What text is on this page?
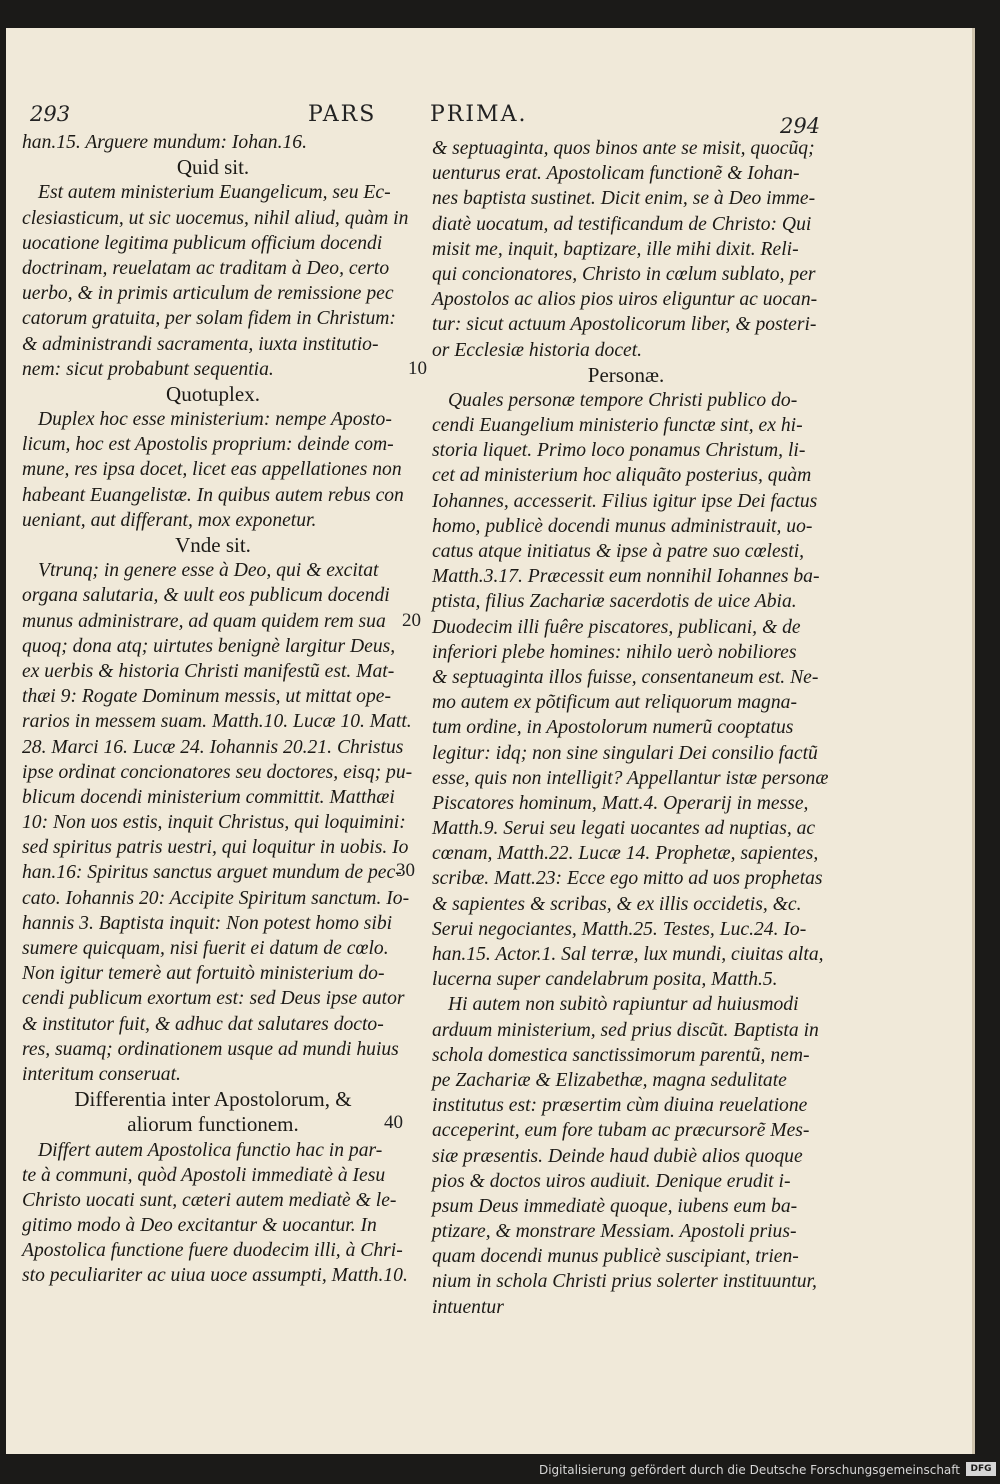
293	PARS PRIMA.	294
10
20
30
40
han.15. Arguere mundum: Iohan.16.
Quid sit.
Est autem ministerium Euangelicum, seu Ec-
clesiasticum, ut sic uocemus, nihil aliud, quàm in
uocatione legitima publicum officium docendi
doctrinam, reuelatam ac traditam à Deo, certo
uerbo, & in primis articulum de remissione pec
catorum gratuita, per solam fidem in Christum:
& administrandi sacramenta, iuxta institutio-
nem: sicut probabunt sequentia.
Quotuplex.
Duplex hoc esse ministerium: nempe Aposto-
licum, hoc est Apostolis proprium: deinde com-
mune, res ipsa docet, licet eas appellationes non
habeant Euangelistæ. In quibus autem rebus con
ueniant, aut differant, mox exponetur.
Vnde sit.
Vtrunq; in genere esse à Deo, qui & excitat
organa salutaria, & uult eos publicum docendi
munus administrare, ad quam quidem rem sua
quoq; dona atq; uirtutes benignè largitur Deus,
ex uerbis & historia Christi manifestũ est. Mat-
thæi 9: Rogate Dominum messis, ut mittat ope-
rarios in messem suam. Matth.10. Lucæ 10. Matt.
28. Marci 16. Lucæ 24. Iohannis 20.21. Christus
ipse ordinat concionatores seu doctores, eisq; pu-
blicum docendi ministerium committit. Matthæi
10: Non uos estis, inquit Christus, qui loquimini:
sed spiritus patris uestri, qui loquitur in uobis. Io
han.16: Spiritus sanctus arguet mundum de pec-
cato. Iohannis 20: Accipite Spiritum sanctum. Io-
hannis 3. Baptista inquit: Non potest homo sibi
sumere quicquam, nisi fuerit ei datum de cœlo.
Non igitur temerè aut fortuitò ministerium do-
cendi publicum exortum est: sed Deus ipse autor
& institutor fuit, & adhuc dat salutares docto-
res, suamq; ordinationem usque ad mundi huius
interitum conseruat.
Differentia inter Apostolorum, &
aliorum functionem.
Differt autem Apostolica functio hac in par-
te à communi, quòd Apostoli immediatè à Iesu
Christo uocati sunt, cæteri autem mediatè & le-
gitimo modo à Deo excitantur & uocantur. In
Apostolica functione fuere duodecim illi, à Chri-
sto peculiariter ac uiua uoce assumpti, Matth.10.
& septuaginta, quos binos ante se misit, quocũq;
uenturus erat. Apostolicam functionẽ & Iohan-
nes baptista sustinet. Dicit enim, se à Deo imme-
diatè uocatum, ad testificandum de Christo: Qui
misit me, inquit, baptizare, ille mihi dixit. Reli-
qui concionatores, Christo in cœlum sublato, per
Apostolos ac alios pios uiros eliguntur ac uocan-
tur: sicut actuum Apostolicorum liber, & posteri-
or Ecclesiæ historia docet.
Personæ.
Quales personæ tempore Christi publico do-
cendi Euangelium ministerio functæ sint, ex hi-
storia liquet. Primo loco ponamus Christum, li-
cet ad ministerium hoc aliquãto posterius, quàm
Iohannes, accesserit. Filius igitur ipse Dei factus
homo, publicè docendi munus administrauit, uo-
catus atque initiatus & ipse à patre suo cœlesti,
Matth.3.17. Præcessit eum nonnihil Iohannes ba-
ptista, filius Zachariæ sacerdotis de uice Abia.
Duodecim illi fuêre piscatores, publicani, & de
inferiori plebe homines: nihilo uerò nobiliores
& septuaginta illos fuisse, consentaneum est. Ne-
mo autem ex põtificum aut reliquorum magna-
tum ordine, in Apostolorum numerũ cooptatus
legitur: idq; non sine singulari Dei consilio factũ
esse, quis non intelligit? Appellantur istæ personæ
Piscatores hominum, Matt.4. Operarij in messe,
Matth.9. Serui seu legati uocantes ad nuptias, ac
cœnam, Matth.22. Lucæ 14. Prophetæ, sapientes,
scribæ. Matt.23: Ecce ego mitto ad uos prophetas
& sapientes & scribas, & ex illis occidetis, &c.
Serui negociantes, Matth.25. Testes, Luc.24. Io-
han.15. Actor.1. Sal terræ, lux mundi, ciuitas alta,
lucerna super candelabrum posita, Matth.5.
Hi autem non subitò rapiuntur ad huiusmodi
arduum ministerium, sed prius discũt. Baptista in
schola domestica sanctissimorum parentũ, nem-
pe Zachariæ & Elizabethæ, magna sedulitate
institutus est: præsertim cùm diuina reuelatione
acceperint, eum fore tubam ac præcursorẽ Mes-
siæ præsentis. Deinde haud dubiè alios quoque
pios & doctos uiros audiuit. Denique erudit i-
psum Deus immediatè quoque, iubens eum ba-
ptizare, & monstrare Messiam. Apostoli prius-
quam docendi munus publicè suscipiant, trien-
nium in schola Christi prius solerter instituuntur,
intuentur
Digitalisierung gefördert durch die Deutsche Forschungsgemeinschaft	DFG
